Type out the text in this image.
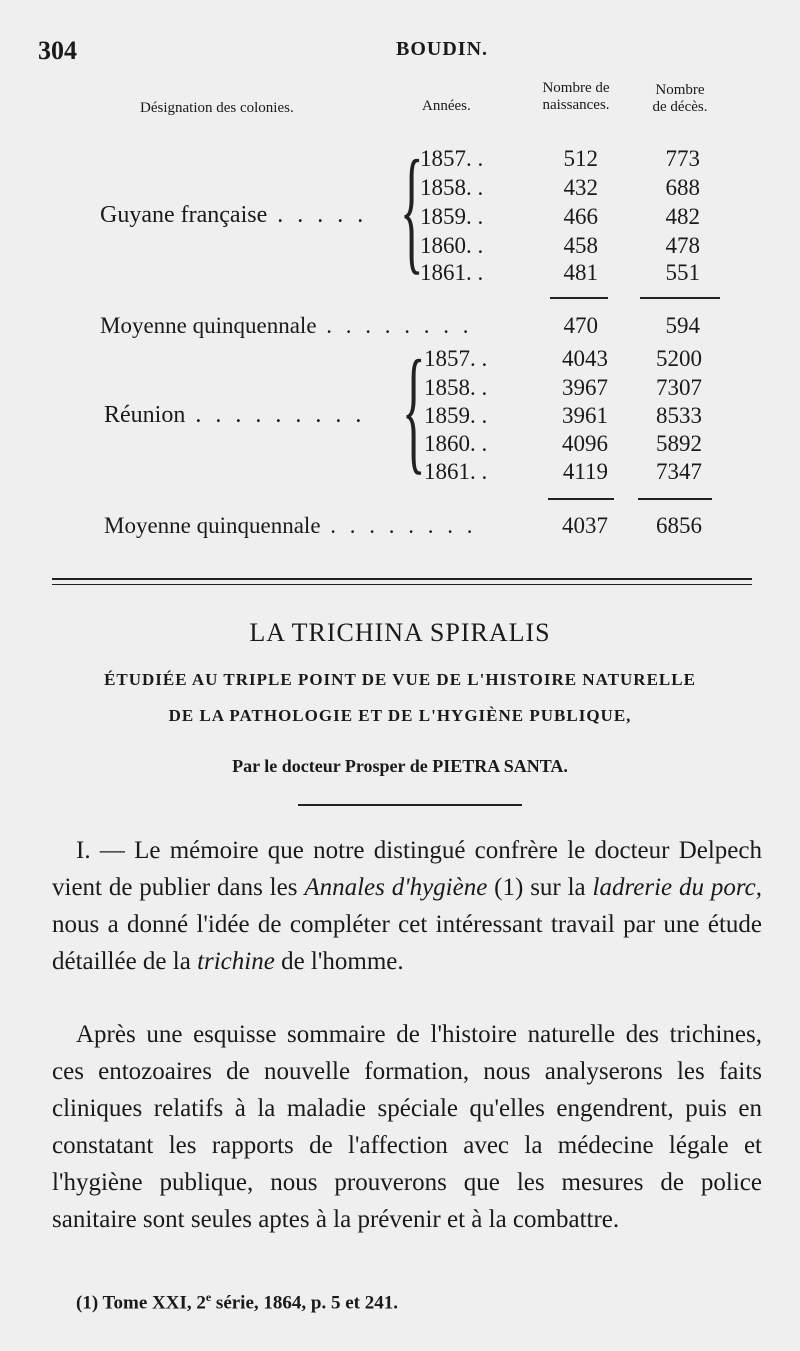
304	BOUDIN.
Désignation des colonies.	Années.
Nombre de naissances.
Nombre de décès.
Guyane française . . . . . {
1857. .	512	773
1858. .	432	688
1859. .	466	482
1860. .	458	478
1861. .	481	551
Moyenne quinquennale . . . . . . . .	470	594
Réunion . . . . . . . . . {
1857. .	4043	5200
1858. .	3967	7307
1859. .	3961	8533
1860. .	4096	5892
1861. .	4119	7347
Moyenne quinquennale . . . . . . . .	4037	6856
LA TRICHINA SPIRALIS
ÉTUDIÉE AU TRIPLE POINT DE VUE DE L'HISTOIRE NATURELLE
DE LA PATHOLOGIE ET DE L'HYGIÈNE PUBLIQUE,
Par le docteur Prosper de PIETRA SANTA.
I. — Le mémoire que notre distingué confrère le docteur Delpech vient de publier dans les Annales d'hygiène (1) sur la ladrerie du porc, nous a donné l'idée de compléter cet intéressant travail par une étude détaillée de la trichine de l'homme.
Après une esquisse sommaire de l'histoire naturelle des trichines, ces entozoaires de nouvelle formation, nous analyserons les faits cliniques relatifs à la maladie spéciale qu'elles engendrent, puis en constatant les rapports de l'affection avec la médecine légale et l'hygiène publique, nous prouverons que les mesures de police sanitaire sont seules aptes à la prévenir et à la combattre.
(1) Tome XXI, 2e série, 1864, p. 5 et 241.
